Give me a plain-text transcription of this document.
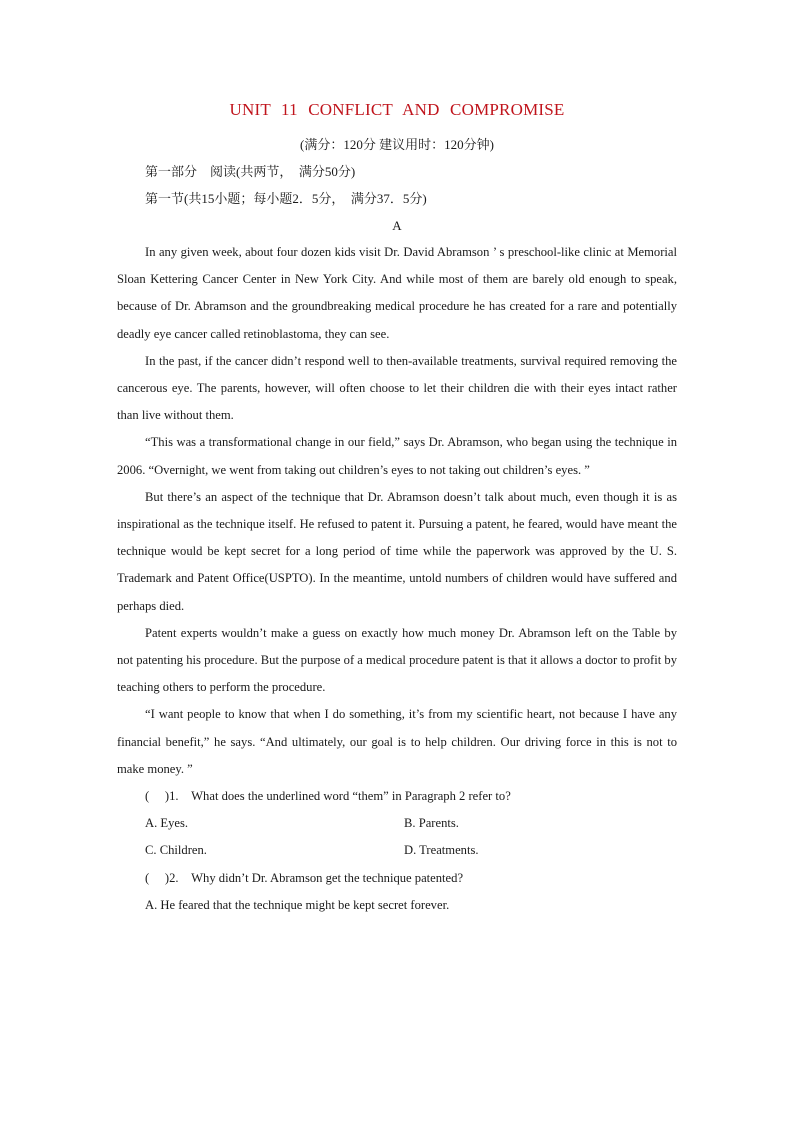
UNIT 11 CONFLICT AND COMPROMISE
(满分：120分 建议用时：120分钟)
第一部分　阅读(共两节，　满分50分)
第一节(共15小题；每小题2．5分，　满分37．5分)
A

In any given week, about four dozen kids visit Dr. David Abramson ’ s preschool-like clinic at Memorial Sloan Kettering Cancer Center in New York City. And while most of them are barely old enough to speak, because of Dr. Abramson and the groundbreaking medical procedure he has created for a rare and potentially deadly eye cancer called retinoblastoma, they can see.

In the past, if the cancer didn’t respond well to then-available treatments, survival required removing the cancerous eye. The parents, however, will often choose to let their children die with their eyes intact rather than live without them.

“This was a transformational change in our field,” says Dr. Abramson, who began using the technique in 2006. “Overnight, we went from taking out children’s eyes to not taking out children’s eyes. ”

But there’s an aspect of the technique that Dr. Abramson doesn’t talk about much, even though it is as inspirational as the technique itself. He refused to patent it. Pursuing a patent, he feared, would have meant the technique would be kept secret for a long period of time while the paperwork was approved by the U. S. Trademark and Patent Office(USPTO). In the meantime, untold numbers of children would have suffered and perhaps died.

Patent experts wouldn’t make a guess on exactly how much money Dr. Abramson left on the Table by not patenting his procedure. But the purpose of a medical procedure patent is that it allows a doctor to profit by teaching others to perform the procedure.

“I want people to know that when I do something, it’s from my scientific heart, not because I have any financial benefit,” he says. “And ultimately, our goal is to help children. Our driving force in this is not to make money. ”

(　 )1.　What does the underlined word “them” in Paragraph 2 refer to?
A. Eyes.	B. Parents.
C. Children.	D. Treatments.
(　 )2.　Why didn’t Dr. Abramson get the technique patented?
A. He feared that the technique might be kept secret forever.
